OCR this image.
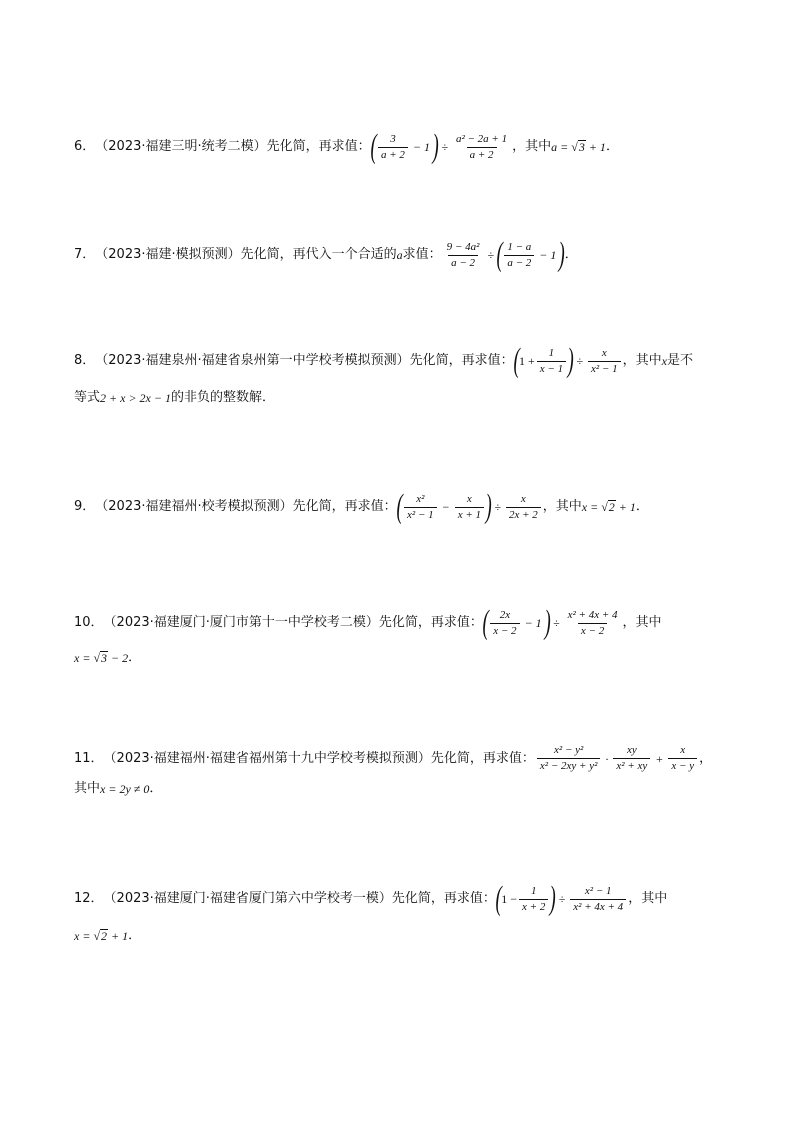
6． （2023·福建三明·统考二模） 先化简，再求值： ( $\frac{3}{a + 2} - 1$ ) ÷ $\frac{\text{a² − 2a + 1}}{a + 2}$ ，其中 a = √ 3 + 1 ．
7． （2023·福建·模拟预测） 先化简，再代入一个合适的 a 求值： $\frac{\text{9 − 4a²}}{a - 2}$ ÷ ( $\frac{1 - a}{a - 2} - 1$ ) ．
8． （2023·福建泉州·福建省泉州第一中学校考模拟预测） 先化简，再求值： ( $1 + \frac{1}{x - 1}$ ) ÷ $\frac{x}{\text{x² − 1}}$ ，其中 x 是不
等式 2 + x > 2x − 1 的非负的整数解．
9． （2023·福建福州·校考模拟预测） 先化简，再求值： ( $\frac{\text{x²}}{\text{x² − 1}} - \frac{x}{x + 1}$ ) ÷ $\frac{x}{2x + 2}$ ，其中 x = √ 2 + 1 ．
10． （2023·福建厦门·厦门市第十一中学校考二模） 先化简，再求值： ( $\frac{2x}{x - 2} - 1$ ) ÷ $\frac{\text{x² + 4x + 4}}{x - 2}$ ，其中
x = √ 3 − 2 ．
11． （2023·福建福州·福建省福州第十九中学校考模拟预测） 先化简，再求值： $\frac{\text{x² − y²}}{\text{x² − 2xy + y²}} \cdot \frac{xy}{\text{x² + xy}} + \frac{x}{x - y}$ ，
其中 x = 2y ≠ 0 ．
12． （2023·福建厦门·福建省厦门第六中学校考一模） 先化简，再求值： ( $1 - \frac{1}{x + 2}$ ) ÷ $\frac{\text{x² − 1}}{\text{x² + 4x + 4}}$ ，其中
x = √ 2 + 1 ．
